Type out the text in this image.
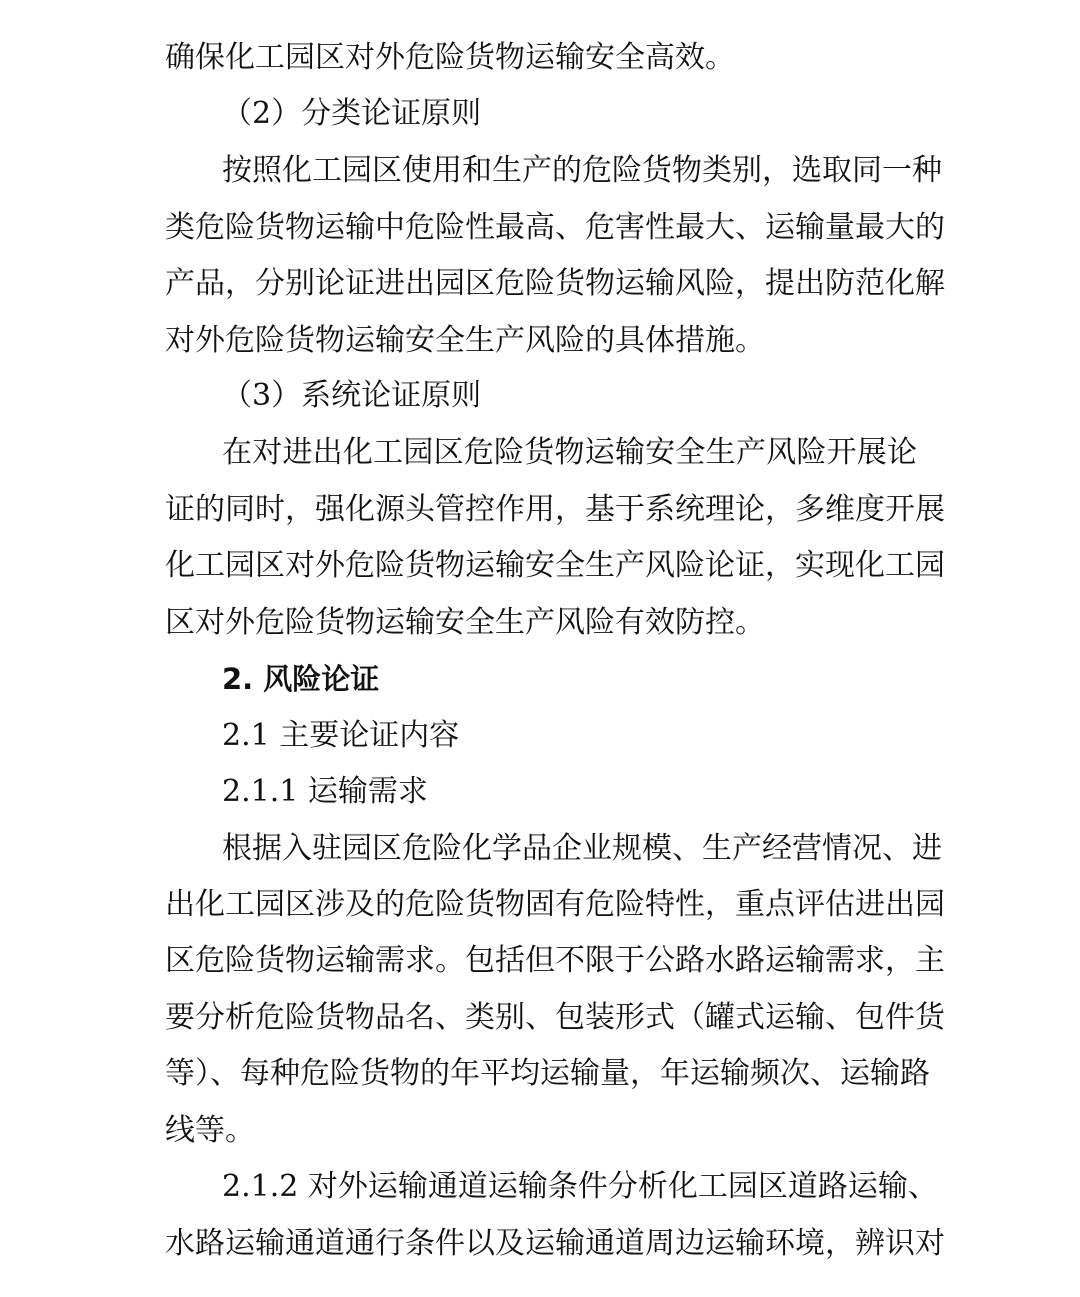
确保化工园区对外危险货物运输安全高效。
（2）分类论证原则
按照化工园区使用和生产的危险货物类别，选取同一种
类危险货物运输中危险性最高、危害性最大、运输量最大的
产品，分别论证进出园区危险货物运输风险，提出防范化解
对外危险货物运输安全生产风险的具体措施。
（3）系统论证原则
在对进出化工园区危险货物运输安全生产风险开展论
证的同时，强化源头管控作用，基于系统理论，多维度开展
化工园区对外危险货物运输安全生产风险论证，实现化工园
区对外危险货物运输安全生产风险有效防控。
2. 风险论证
2.1 主要论证内容
2.1.1 运输需求
根据入驻园区危险化学品企业规模、生产经营情况、进
出化工园区涉及的危险货物固有危险特性，重点评估进出园
区危险货物运输需求。包括但不限于公路水路运输需求，主
要分析危险货物品名、类别、包装形式（罐式运输、包件货
等）、每种危险货物的年平均运输量，年运输频次、运输路
线等。
2.1.2 对外运输通道运输条件分析化工园区道路运输、
水路运输通道通行条件以及运输通道周边运输环境，辨识对
